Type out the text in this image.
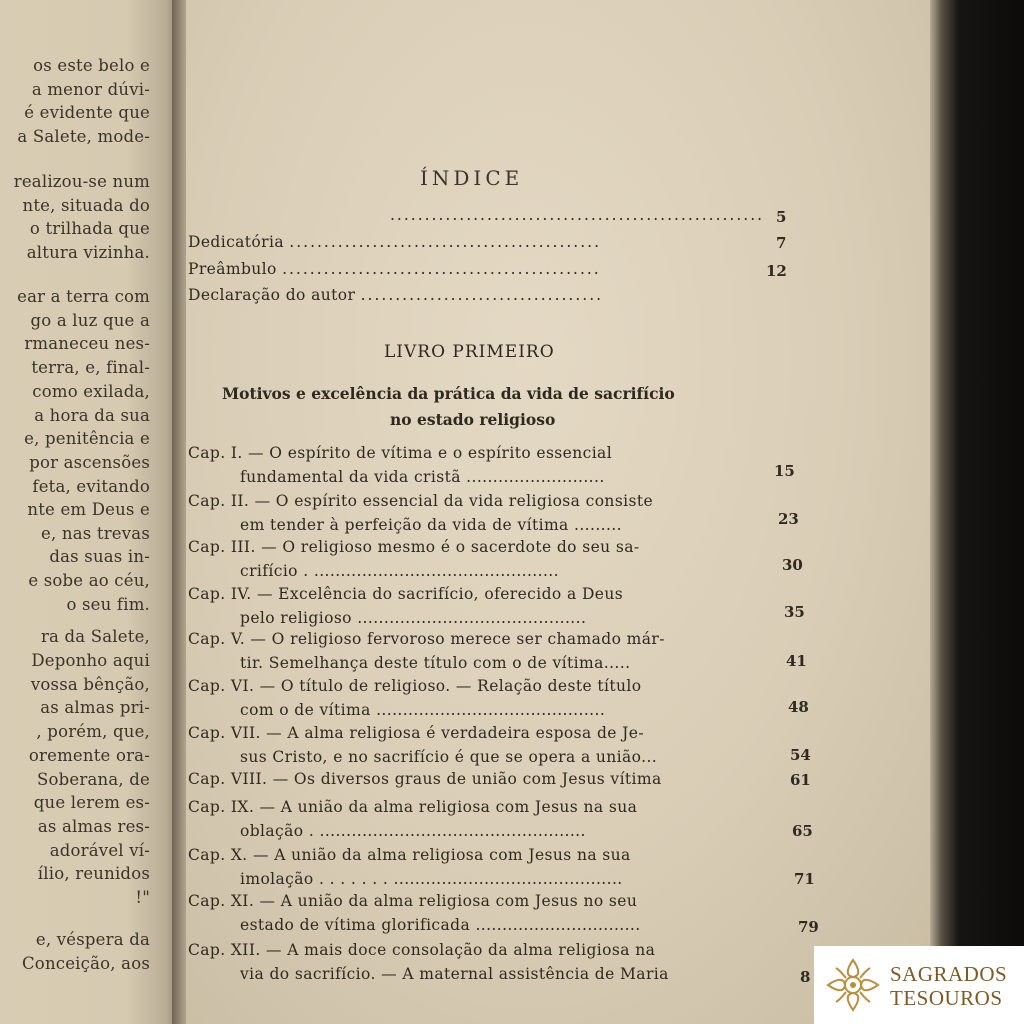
os este belo e
a menor dúvi-
é evidente que
a Salete, mode-
realizou-se num
nte, situada do
o trilhada que
altura vizinha.
ear a terra com
go a luz que a
rmaneceu nes-
terra, e, final-
como exilada,
a hora da sua
e, penitência e
por ascensões
feta, evitando
nte em Deus e
e, nas trevas
das suas in-
e sobe ao céu,
o seu fim.
ra da Salete,
Deponho aqui
vossa bênção,
as almas pri-
, porém, que,
oremente ora-
Soberana, de
que lerem es-
as almas res-
adorável ví-
ílio, reunidos
!"
e, véspera da
Conceição, aos
ÍNDICE
...................................................... 5
Dedicatória .............................................	7
Preâmbulo ..............................................	12
Declaração do autor ...................................
LIVRO PRIMEIRO
Motivos e excelência da prática da vida de sacrifício
no estado religioso
Cap. I. — O espírito de vítima e o espírito essencial
fundamental da vida cristã ..........................	15
Cap. II. — O espírito essencial da vida religiosa consiste
em tender à perfeição da vida de vítima .........	23
Cap. III. — O religioso mesmo é o sacerdote do seu sa-
crifício . ..............................................	30
Cap. IV. — Excelência do sacrifício, oferecido a Deus
pelo religioso ...........................................	35
Cap. V. — O religioso fervoroso merece ser chamado már-
tir. Semelhança deste título com o de vítima.....	41
Cap. VI. — O título de religioso. — Relação deste título
com o de vítima ...........................................	48
Cap. VII. — A alma religiosa é verdadeira esposa de Je-
sus Cristo, e no sacrifício é que se opera a união...	54
Cap. VIII. — Os diversos graus de união com Jesus vítima	61
Cap. IX. — A união da alma religiosa com Jesus na sua
oblação . ..................................................	65
Cap. X. — A união da alma religiosa com Jesus na sua
imolação . . . . . . . ...........................................	71
Cap. XI. — A união da alma religiosa com Jesus no seu
estado de vítima glorificada ...............................	79
Cap. XII. — A mais doce consolação da alma religiosa na
via do sacrifício. — A maternal assistência de Maria	8	SAGRADOS
TESOUROS
